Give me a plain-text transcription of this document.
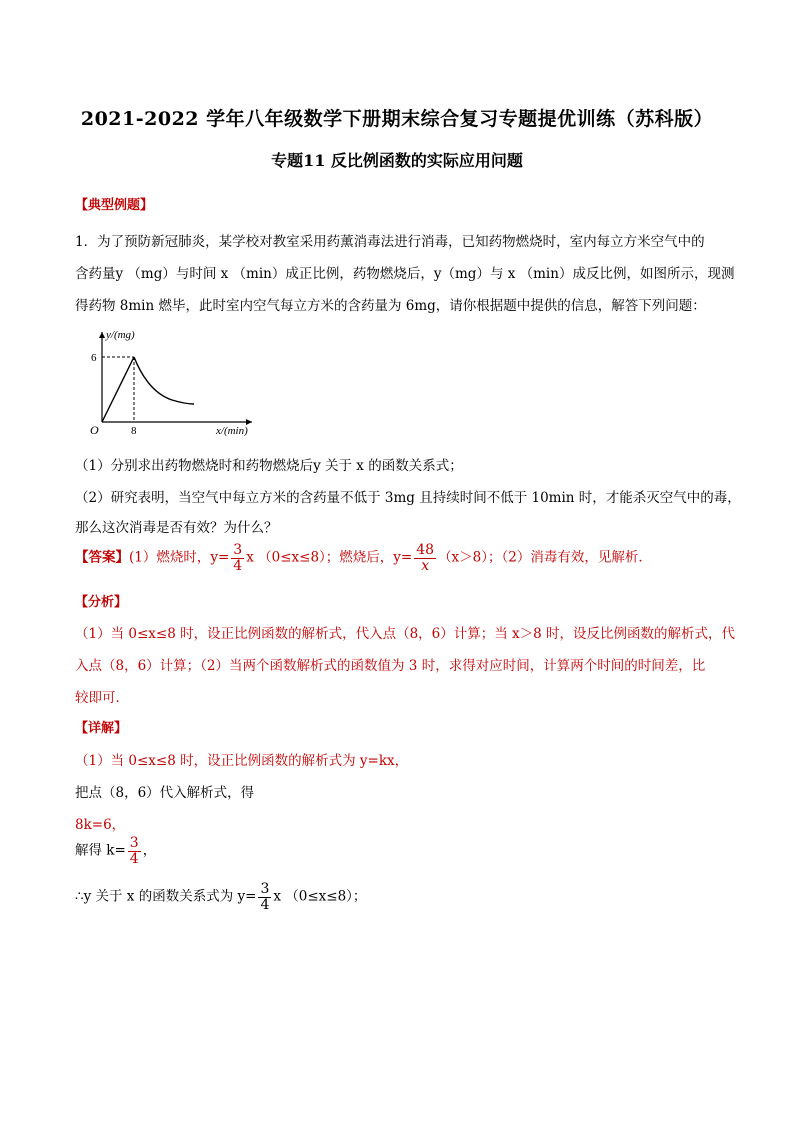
2021-2022 学年八年级数学下册期末综合复习专题提优训练（苏科版）
专题11 反比例函数的实际应用问题
【典型例题】
1．为了预防新冠肺炎，某学校对教室采用药薰消毒法进行消毒，已知药物燃烧时，室内每立方米空气中的
含药量y （mg）与时间 x （min）成正比例，药物燃烧后，y（mg）与 x （min）成反比例，如图所示，现测
得药物 8min 燃毕，此时室内空气每立方米的含药量为 6mg，请你根据题中提供的信息，解答下列问题：
y/(mg)
x/(min)
O
6
8
（1）分别求出药物燃烧时和药物燃烧后y 关于 x 的函数关系式；
（2）研究表明，当空气中每立方米的含药量不低于 3mg 且持续时间不低于 10min 时，才能杀灭空气中的毒，
那么这次消毒是否有效？为什么？
【答案】(1）燃烧时，$y= \frac{3}{4}$ x （0≤x≤8）；燃烧后，$y= \frac{48}{x} (x>8)$；（2）消毒有效，见解析．
【分析】
（1）当 0≤x≤8 时，设正比例函数的解析式，代入点（8，6）计算；当 x＞8 时，设反比例函数的解析式，代
入点（8，6）计算；（2）当两个函数解析式的函数值为 3 时，求得对应时间，计算两个时间的时间差，比
较即可．
【详解】
（1）当 0≤x≤8 时，设正比例函数的解析式为 y=kx，
把点（8，6）代入解析式，得
8k=6，
解得 $k= \frac{3}{4}$ ，
∴y 关于 x 的函数关系式为 $y= \frac{3}{4}$ x （0≤x≤8）；
